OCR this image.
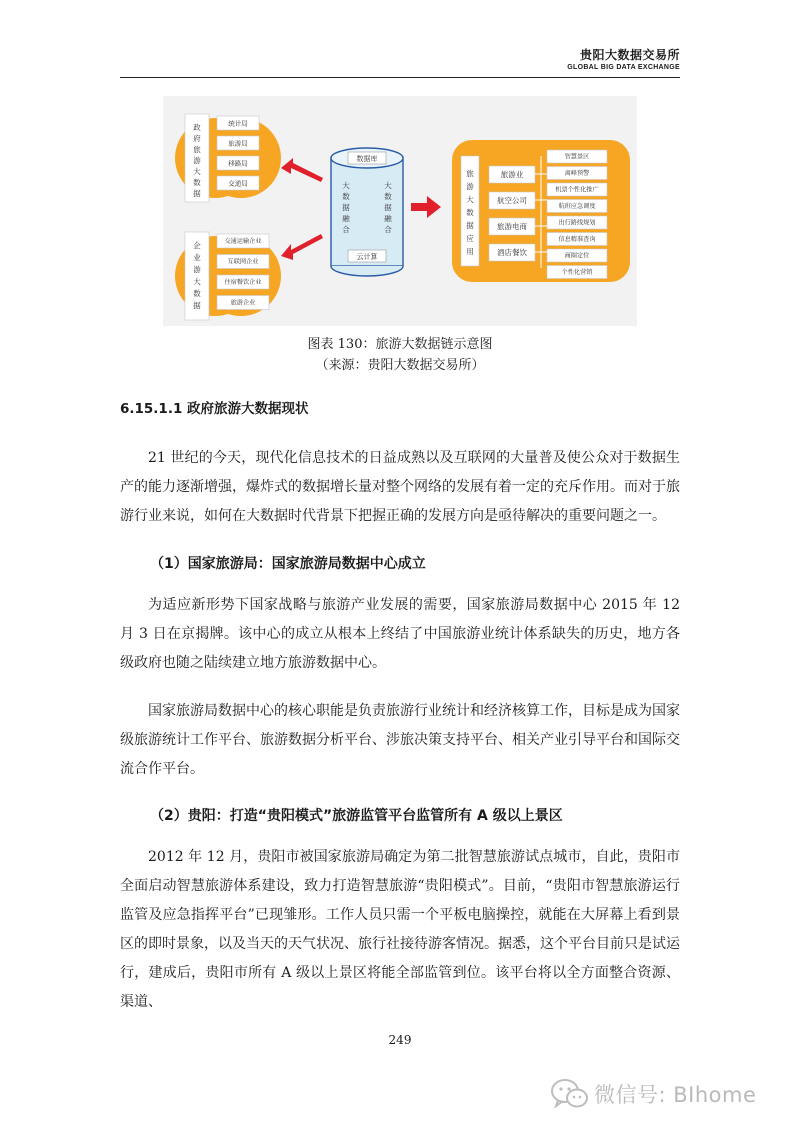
贵阳大数据交易所
GLOBAL BIG DATA EXCHANGE
政府旅游大数据
统计局
旅游局
移路局
交通局
企业游大数据
交通运输企业
互联网企业
住宿餐饮企业
旅游企业
数据库
云计算
大数据融合
大数据融合
旅游大数据应用
旅游业
航空公司
旅游电商
酒店餐饮
智慧景区
离峰预警
机票个性化推广
航班应急调度
出行路线规划
信息精准查询
商圈定位
个性化营销
图表 130：旅游大数据链示意图
（来源：贵阳大数据交易所）
6.15.1.1 政府旅游大数据现状
21 世纪的今天，现代化信息技术的日益成熟以及互联网的大量普及使公众对于数据生产的能力逐渐增强，爆炸式的数据增长量对整个网络的发展有着一定的充斥作用。而对于旅游行业来说，如何在大数据时代背景下把握正确的发展方向是亟待解决的重要问题之一。
（1）国家旅游局：国家旅游局数据中心成立
为适应新形势下国家战略与旅游产业发展的需要，国家旅游局数据中心 2015 年 12 月 3 日在京揭牌。该中心的成立从根本上终结了中国旅游业统计体系缺失的历史，地方各级政府也随之陆续建立地方旅游数据中心。
国家旅游局数据中心的核心职能是负责旅游行业统计和经济核算工作，目标是成为国家级旅游统计工作平台、旅游数据分析平台、涉旅决策支持平台、相关产业引导平台和国际交流合作平台。
（2）贵阳：打造“贵阳模式”旅游监管平台监管所有 A 级以上景区
2012 年 12 月，贵阳市被国家旅游局确定为第二批智慧旅游试点城市，自此，贵阳市全面启动智慧旅游体系建设，致力打造智慧旅游“贵阳模式”。目前，“贵阳市智慧旅游运行监管及应急指挥平台”已现雏形。工作人员只需一个平板电脑操控，就能在大屏幕上看到景区的即时景象，以及当天的天气状况、旅行社接待游客情况。据悉，这个平台目前只是试运行，建成后，贵阳市所有 A 级以上景区将能全部监管到位。该平台将以全方面整合资源、渠道、
249
微信号: BIhome
